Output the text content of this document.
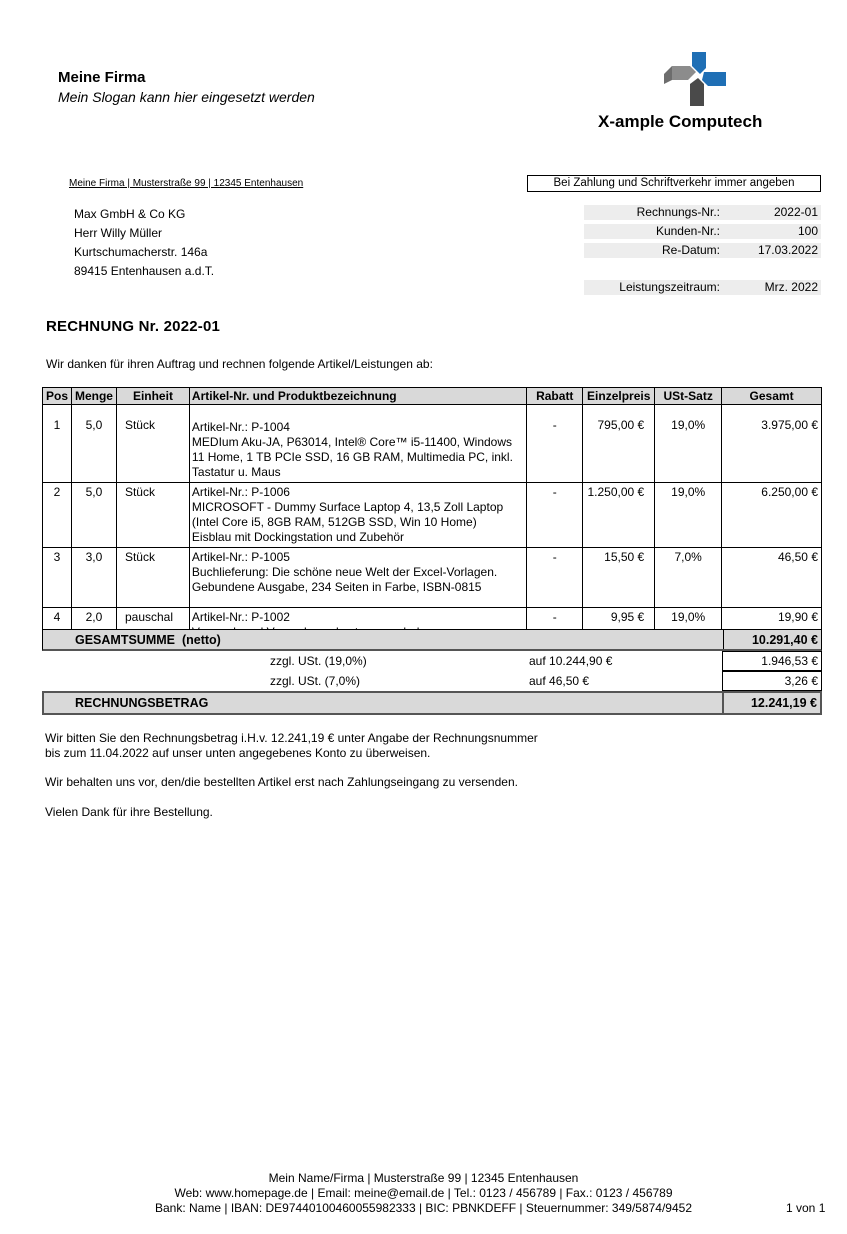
Meine Firma
Mein Slogan kann hier eingesetzt werden
X-ample Computech
Meine Firma | Musterstraße 99 | 12345 Entenhausen	Bei Zahlung und Schriftverkehr immer angeben
Max GmbH & Co KG
Herr Willy Müller
Kurtschumacherstr. 146a
89415 Entenhausen a.d.T.
Rechnungs-Nr.:	2022-01
Kunden-Nr.:	100
Re-Datum:	17.03.2022
Leistungszeitraum:	Mrz. 2022
RECHNUNG Nr. 2022-01
Wir danken für ihren Auftrag und rechnen folgende Artikel/Leistungen ab:
Pos	Menge	Einheit	Artikel-Nr. und Produktbezeichnung	Rabatt	Einzelpreis	USt-Satz	Gesamt
1	5,0	Stück	Artikel-Nr.: P-1004
MEDIum Aku-JA, P63014, Intel® Core™ i5-11400, Windows
11 Home, 1 TB PCIe SSD, 16 GB RAM, Multimedia PC, inkl.
Tastatur u. Maus	-	795,00 €	19,0%	3.975,00 €
2	5,0	Stück	Artikel-Nr.: P-1006
MICROSOFT - Dummy Surface Laptop 4, 13,5 Zoll Laptop
(Intel Core i5, 8GB RAM, 512GB SSD, Win 10 Home)
Eisblau mit Dockingstation und Zubehör	-	1.250,00 €	19,0%	6.250,00 €
3	3,0	Stück	Artikel-Nr.: P-1005
Buchlieferung: Die schöne neue Welt der Excel-Vorlagen.
Gebundene Ausgabe, 234 Seiten in Farbe, ISBN-0815	-	15,50 €	7,0%	46,50 €
4	2,0	pauschal	Artikel-Nr.: P-1002	-	9,95 €	19,0%	19,90 €
GESAMTSUMME  (netto)	10.291,40 €
zzgl. USt. (19,0%)	auf 10.244,90 €	1.946,53 €
zzgl. USt. (7,0%)	auf 46,50 €	3,26 €
RECHNUNGSBETRAG	12.241,19 €
Wir bitten Sie den Rechnungsbetrag i.H.v. 12.241,19 € unter Angabe der Rechnungsnummer
bis zum 11.04.2022 auf unser unten angegebenes Konto zu überweisen.
Wir behalten uns vor, den/die bestellten Artikel erst nach Zahlungseingang zu versenden.
Vielen Dank für ihre Bestellung.
Mein Name/Firma | Musterstraße 99 | 12345 Entenhausen
Web: www.homepage.de | Email: meine@email.de | Tel.: 0123 / 456789 | Fax.: 0123 / 456789
Bank: Name | IBAN: DE97440100460055982333 | BIC: PBNKDEFF | Steuernummer: 349/5874/9452	1 von 1
